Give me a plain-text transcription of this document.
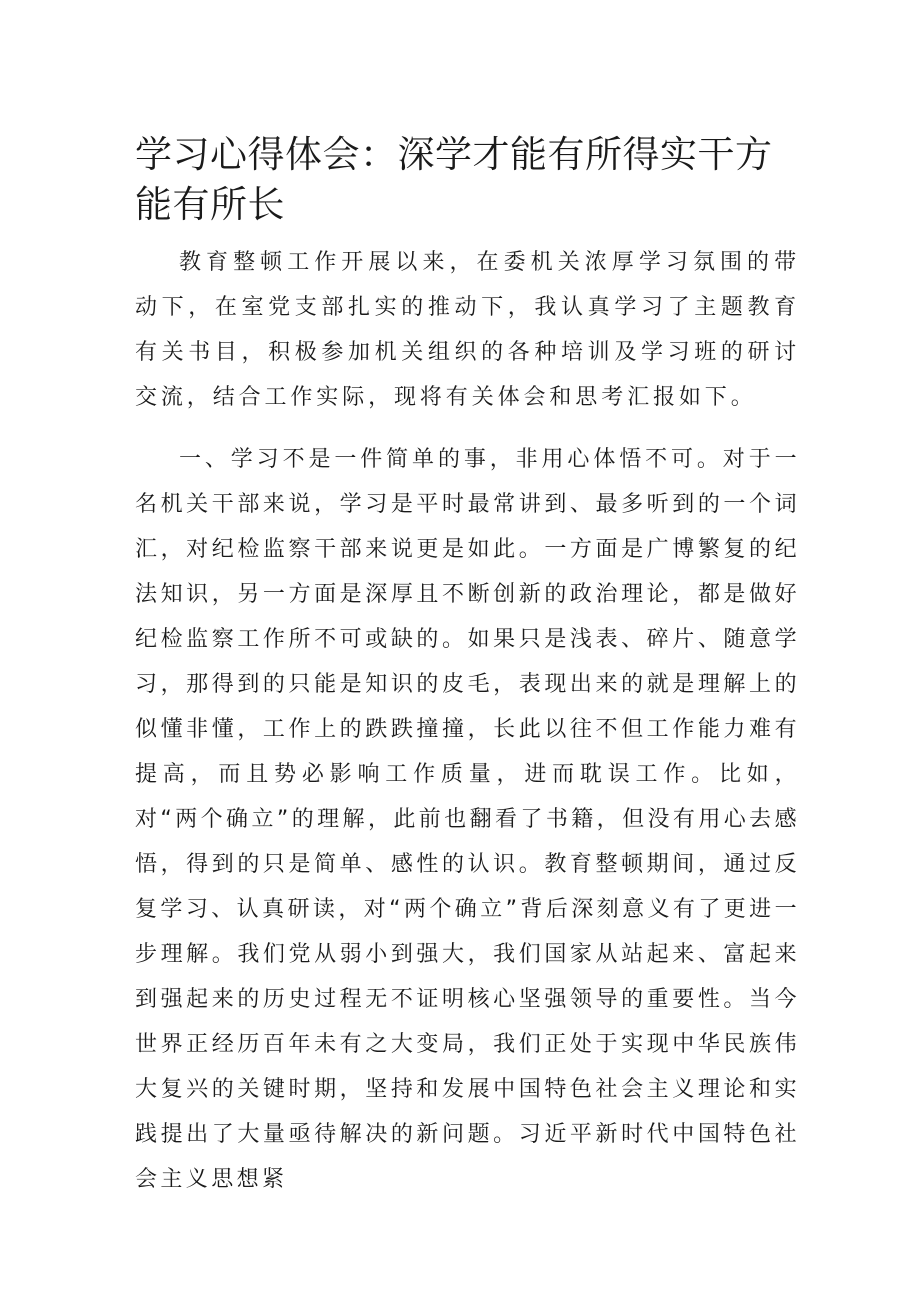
学习心得体会：深学才能有所得实干方能有所长

教育整顿工作开展以来，在委机关浓厚学习氛围的带动下，在室党支部扎实的推动下，我认真学习了主题教育有关书目，积极参加机关组织的各种培训及学习班的研讨交流，结合工作实际，现将有关体会和思考汇报如下。

一、学习不是一件简单的事，非用心体悟不可。对于一名机关干部来说，学习是平时最常讲到、最多听到的一个词汇，对纪检监察干部来说更是如此。一方面是广博繁复的纪法知识，另一方面是深厚且不断创新的政治理论，都是做好纪检监察工作所不可或缺的。如果只是浅表、碎片、随意学习，那得到的只能是知识的皮毛，表现出来的就是理解上的似懂非懂，工作上的跌跌撞撞，长此以往不但工作能力难有提高，而且势必影响工作质量，进而耽误工作。比如，对“两个确立”的理解，此前也翻看了书籍，但没有用心去感悟，得到的只是简单、感性的认识。教育整顿期间，通过反复学习、认真研读，对“两个确立”背后深刻意义有了更进一步理解。我们党从弱小到强大，我们国家从站起来、富起来到强起来的历史过程无不证明核心坚强领导的重要性。当今世界正经历百年未有之大变局，我们正处于实现中华民族伟大复兴的关键时期，坚持和发展中国特色社会主义理论和实践提出了大量亟待解决的新问题。习近平新时代中国特色社会主义思想紧
